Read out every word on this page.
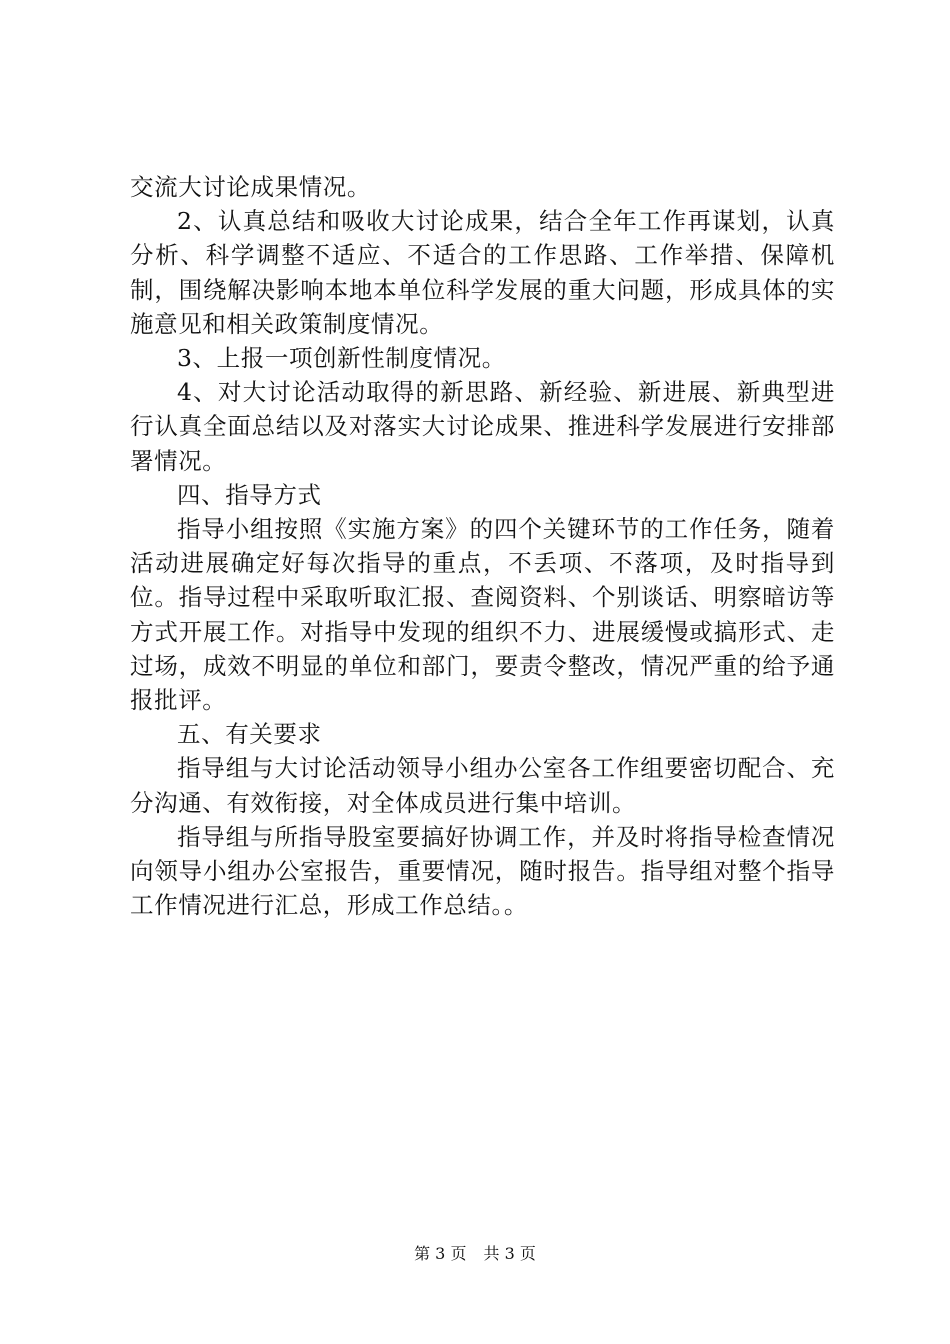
交流大讨论成果情况。

2、认真总结和吸收大讨论成果，结合全年工作再谋划，认真分析、科学调整不适应、不适合的工作思路、工作举措、保障机制，围绕解决影响本地本单位科学发展的重大问题，形成具体的实施意见和相关政策制度情况。

3、上报一项创新性制度情况。

4、对大讨论活动取得的新思路、新经验、新进展、新典型进行认真全面总结以及对落实大讨论成果、推进科学发展进行安排部署情况。

四、指导方式

指导小组按照《实施方案》的四个关键环节的工作任务，随着活动进展确定好每次指导的重点，不丢项、不落项，及时指导到位。指导过程中采取听取汇报、查阅资料、个别谈话、明察暗访等方式开展工作。对指导中发现的组织不力、进展缓慢或搞形式、走过场，成效不明显的单位和部门，要责令整改，情况严重的给予通报批评。

五、有关要求

指导组与大讨论活动领导小组办公室各工作组要密切配合、充分沟通、有效衔接，对全体成员进行集中培训。

指导组与所指导股室要搞好协调工作，并及时将指导检查情况向领导小组办公室报告，重要情况，随时报告。指导组对整个指导工作情况进行汇总，形成工作总结。。

第 3 页 共 3 页
